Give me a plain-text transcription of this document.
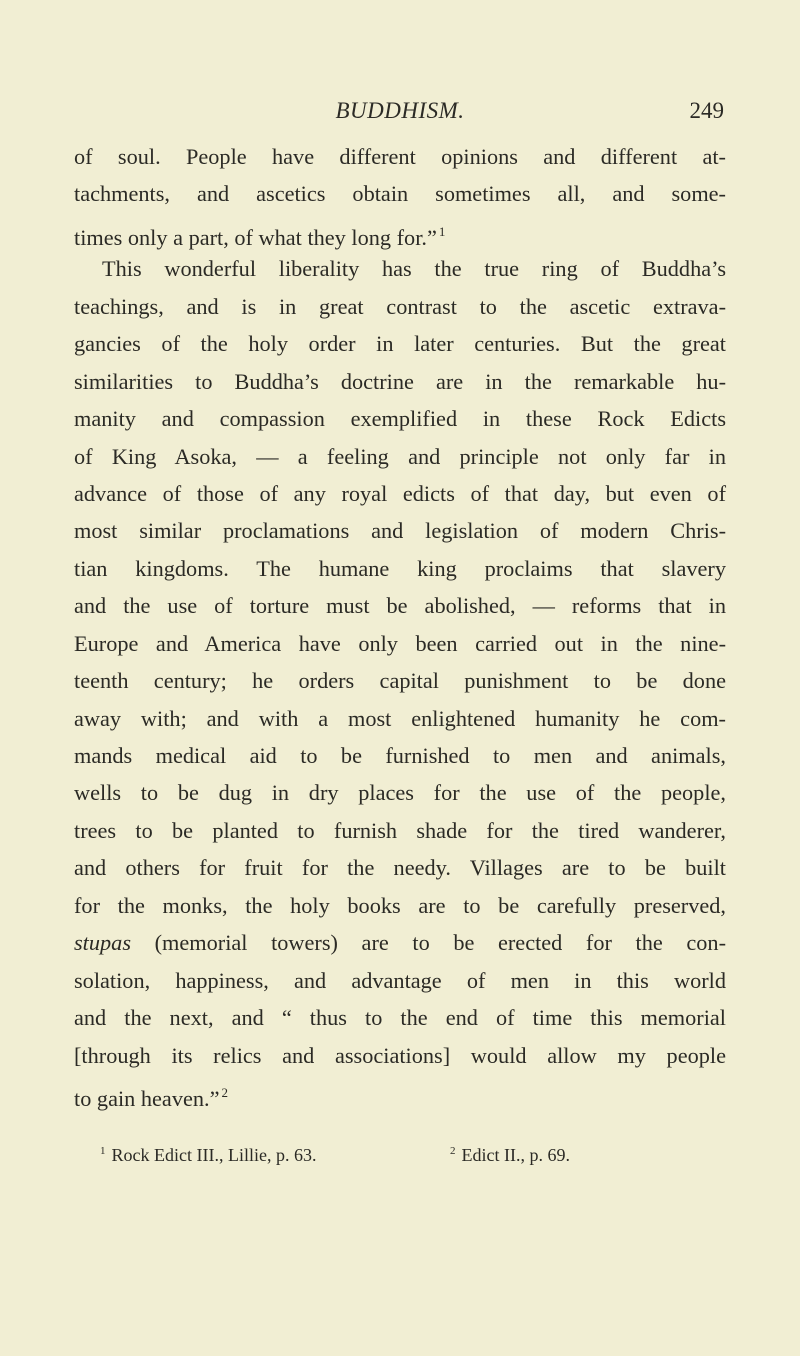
BUDDHISM.	249
of soul. People have different opinions and different at-
tachments, and ascetics obtain sometimes all, and some-
times only a part, of what they long for.” $^1$
This wonderful liberality has the true ring of Buddha’s
teachings, and is in great contrast to the ascetic extrava-
gancies of the holy order in later centuries. But the great
similarities to Buddha’s doctrine are in the remarkable hu-
manity and compassion exemplified in these Rock Edicts
of King Asoka, — a feeling and principle not only far in
advance of those of any royal edicts of that day, but even of
most similar proclamations and legislation of modern Chris-
tian kingdoms. The humane king proclaims that slavery
and the use of torture must be abolished, — reforms that in
Europe and America have only been carried out in the nine-
teenth century; he orders capital punishment to be done
away with; and with a most enlightened humanity he com-
mands medical aid to be furnished to men and animals,
wells to be dug in dry places for the use of the people,
trees to be planted to furnish shade for the tired wanderer,
and others for fruit for the needy. Villages are to be built
for the monks, the holy books are to be carefully preserved,
stupas (memorial towers) are to be erected for the con-
solation, happiness, and advantage of men in this world
and the next, and “ thus to the end of time this memorial
[through its relics and associations] would allow my people
to gain heaven.” $^2$
$^1$ Rock Edict III., Lillie, p. 63.	$^2$ Edict II., p. 69.
